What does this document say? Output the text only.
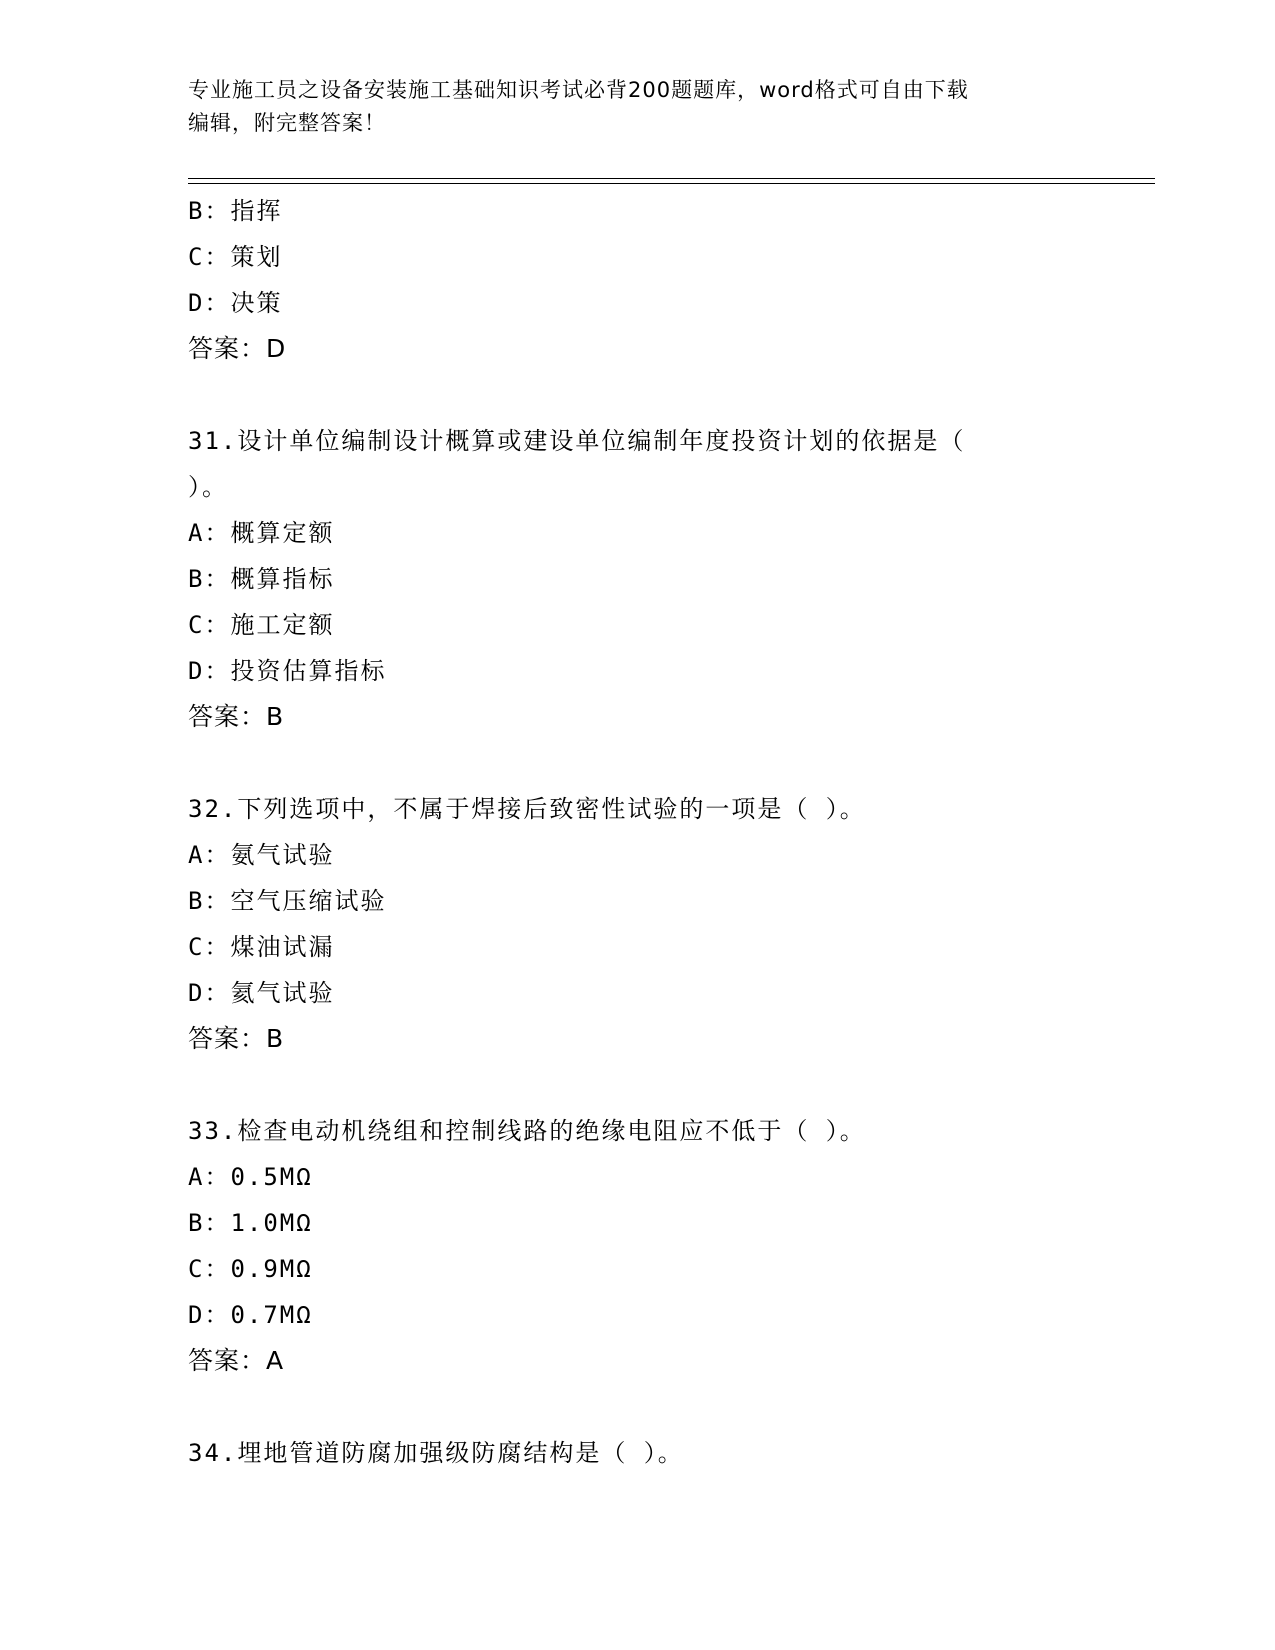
专业施工员之设备安装施工基础知识考试必背200题题库，word格式可自由下载
编辑，附完整答案！
B：指挥
C：策划
D：决策
答案：D
31.设计单位编制设计概算或建设单位编制年度投资计划的依据是（
）。
A：概算定额
B：概算指标
C：施工定额
D：投资估算指标
答案：B
32.下列选项中，不属于焊接后致密性试验的一项是（ ）。
A：氨气试验
B：空气压缩试验
C：煤油试漏
D：氦气试验
答案：B
33.检查电动机绕组和控制线路的绝缘电阻应不低于（ ）。
A：0.5MΩ
B：1.0MΩ
C：0.9MΩ
D：0.7MΩ
答案：A
34.埋地管道防腐加强级防腐结构是（ ）。
